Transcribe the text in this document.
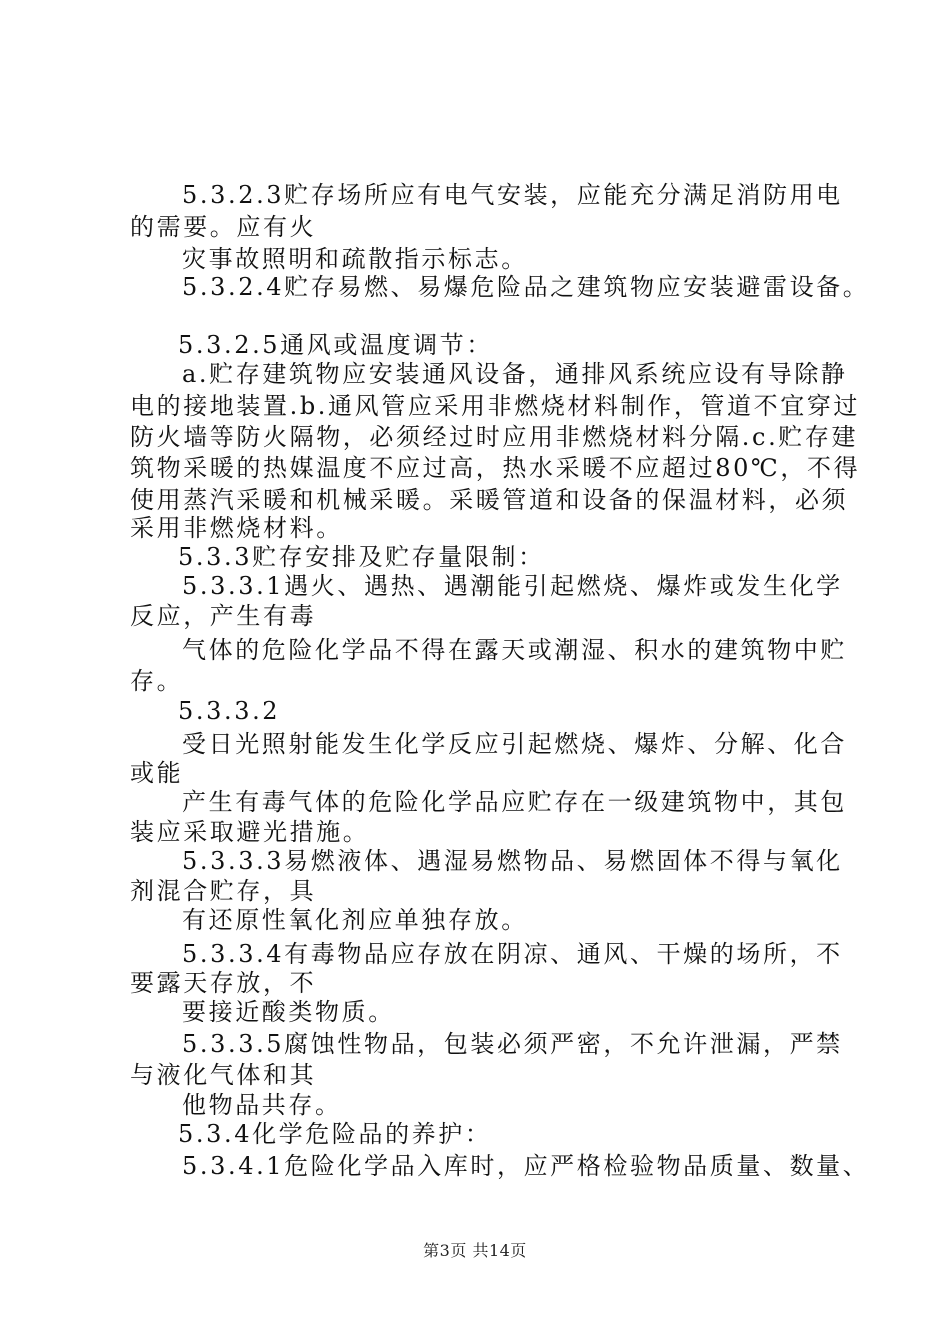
5.3.2.3贮存场所应有电气安装，应能充分满足消防用电
的需要。应有火
灾事故照明和疏散指示标志。
5.3.2.4贮存易燃、易爆危险品之建筑物应安装避雷设备。
5.3.2.5通风或温度调节：
a.贮存建筑物应安装通风设备，通排风系统应设有导除静
电的接地装置.b.通风管应采用非燃烧材料制作，管道不宜穿过
防火墙等防火隔物，必须经过时应用非燃烧材料分隔.c.贮存建
筑物采暖的热媒温度不应过高，热水采暖不应超过80℃，不得
使用蒸汽采暖和机械采暖。采暖管道和设备的保温材料，必须
采用非燃烧材料。
5.3.3贮存安排及贮存量限制：
5.3.3.1遇火、遇热、遇潮能引起燃烧、爆炸或发生化学
反应，产生有毒
气体的危险化学品不得在露天或潮湿、积水的建筑物中贮
存。
5.3.3.2
受日光照射能发生化学反应引起燃烧、爆炸、分解、化合
或能
产生有毒气体的危险化学品应贮存在一级建筑物中，其包
装应采取避光措施。
5.3.3.3易燃液体、遇湿易燃物品、易燃固体不得与氧化
剂混合贮存，具
有还原性氧化剂应单独存放。
5.3.3.4有毒物品应存放在阴凉、通风、干燥的场所，不
要露天存放，不
要接近酸类物质。
5.3.3.5腐蚀性物品，包装必须严密，不允许泄漏，严禁
与液化气体和其
他物品共存。
5.3.4化学危险品的养护：
5.3.4.1危险化学品入库时，应严格检验物品质量、数量、
第3页 共14页
